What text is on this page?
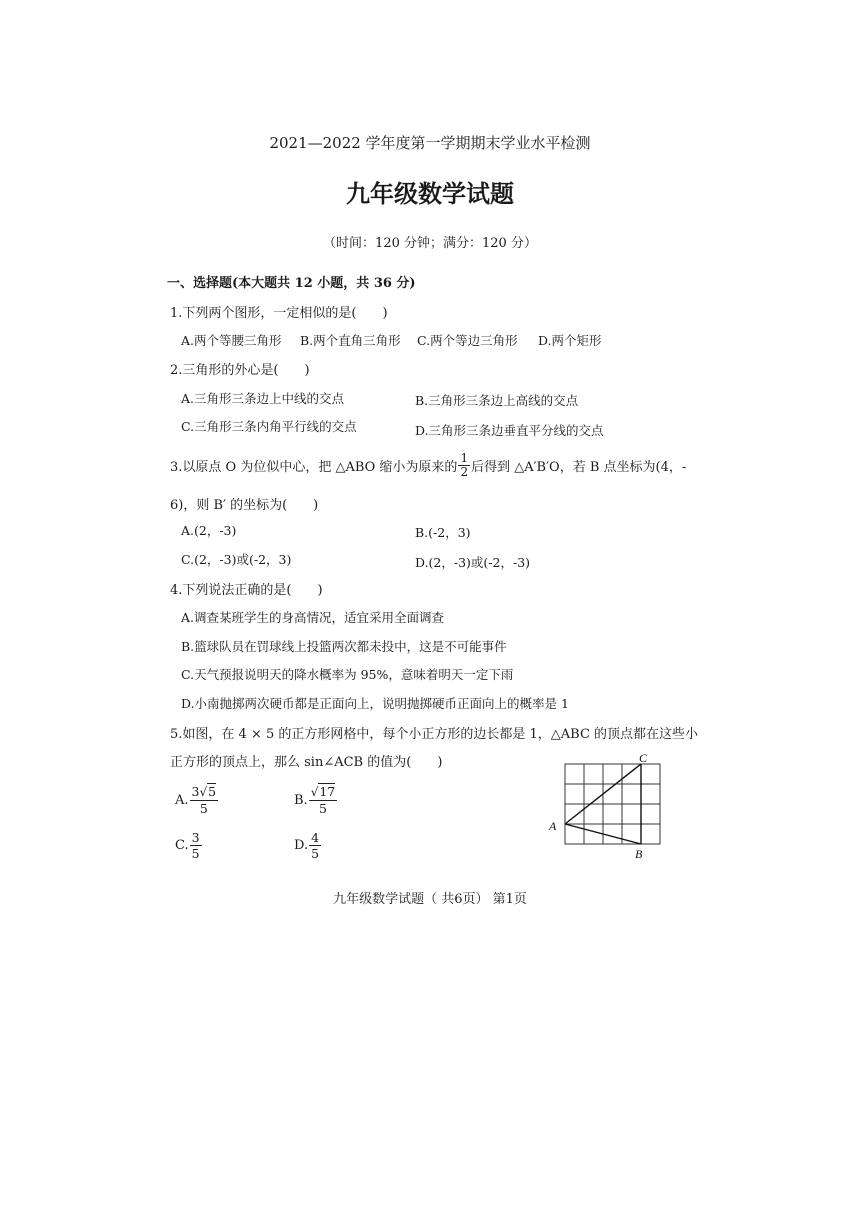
2021—2022 学年度第一学期期末学业水平检测
九年级数学试题
（时间：120 分钟；满分：120 分）
一、选择题(本大题共 12 小题，共 36 分)
1.下列两个图形，一定相似的是(　　)
A.两个等腰三角形 B.两个直角三角形 C.两个等边三角形 D.两个矩形
2.三角形的外心是(　　)
A.三角形三条边上中线的交点	B.三角形三条边上高线的交点
C.三角形三条内角平行线的交点	D.三角形三条边垂直平分线的交点
3.以原点 O 为位似中心，把 △ABO 缩小为原来的 $\frac{1}{2}$ 后得到 △A′B′O，若 B 点坐标为(4，-
6)，则 B′ 的坐标为(　　)
A.(2，-3)	B.(-2，3)
C.(2，-3)或(-2，3)	D.(2，-3)或(-2，-3)
4.下列说法正确的是(　　)
A.调查某班学生的身高情况，适宜采用全面调查
B.篮球队员在罚球线上投篮两次都未投中，这是不可能事件
C.天气预报说明天的降水概率为 95%，意味着明天一定下雨
D.小南抛掷两次硬币都是正面向上，说明抛掷硬币正面向上的概率是 1
5.如图，在 4 × 5 的正方形网格中，每个小正方形的边长都是 1，△ABC 的顶点都在这些小
正方形的顶点上，那么 sin∠ACB 的值为(　　)
A. $\frac{3√5}{5}$	B. $\frac{√17}{5}$
C. $\frac{3}{5}$	D. $\frac{4}{5}$
A
B
C
九年级数学试题（ 共6页） 第1页
